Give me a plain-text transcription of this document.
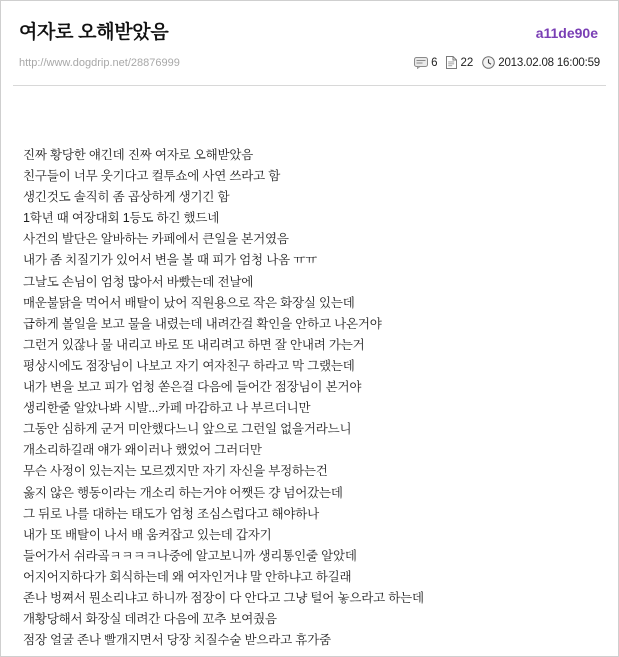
여자로 오해받았음	a11de90e
http://www.dogdrip.net/28876999	6 22 2013.02.08 16:00:59
진짜 황당한 얘긴데 진짜 여자로 오해받았음
친구들이 너무 웃기다고 컬투쇼에 사연 쓰라고 함
생긴것도 솔직히 좀 곱상하게 생기긴 함
1학년 때 여장대회 1등도 하긴 했드네
사건의 발단은 알바하는 카페에서 큰일을 본거였음
내가 좀 치질기가 있어서 변을 볼 때 피가 엄청 나옴 ㅠㅠ
그날도 손님이 엄청 많아서 바빴는데 전날에
매운불닭을 먹어서 배탈이 났어 직원용으로 작은 화장실 있는데
급하게 볼일을 보고 물을 내렸는데 내려간걸 확인을 안하고 나온거야
그런거 있잖나 물 내리고 바로 또 내리려고 하면 잘 안내려 가는거
평상시에도 점장님이 나보고 자기 여자친구 하라고 막 그랬는데
내가 변을 보고 피가 엄청 쏟은걸 다음에 들어간 점장님이 본거야
생리한줄 알았나봐 시발...카페 마감하고 나 부르더니만
그동안 심하게 군거 미안했다느니 앞으로 그런일 없을거라느니
개소리하길래 얘가 왜이러나 했었어 그러더만
무슨 사정이 있는지는 모르겠지만 자기 자신을 부정하는건
옳지 않은 행동이라는 개소리 하는거야 어쨋든 걍 넘어갔는데
그 뒤로 나를 대하는 태도가 엄청 조심스럽다고 해야하나
내가 또 배탈이 나서 배 움켜잡고 있는데 갑자기
들어가서 쉬라곸ㅋㅋㅋㅋ나중에 알고보니까 생리통인줄 알았데
어지어지하다가 회식하는데 왜 여자인거냐 말 안하냐고 하길래
존나 벙쪄서 뭔소리냐고 하니까 점장이 다 안다고 그냥 털어 놓으라고 하는데
개황당해서 화장실 데려간 다음에 꼬추 보여줬음
점장 얼굴 존나 빨개지면서 당장 치질수술 받으라고 휴가줌
